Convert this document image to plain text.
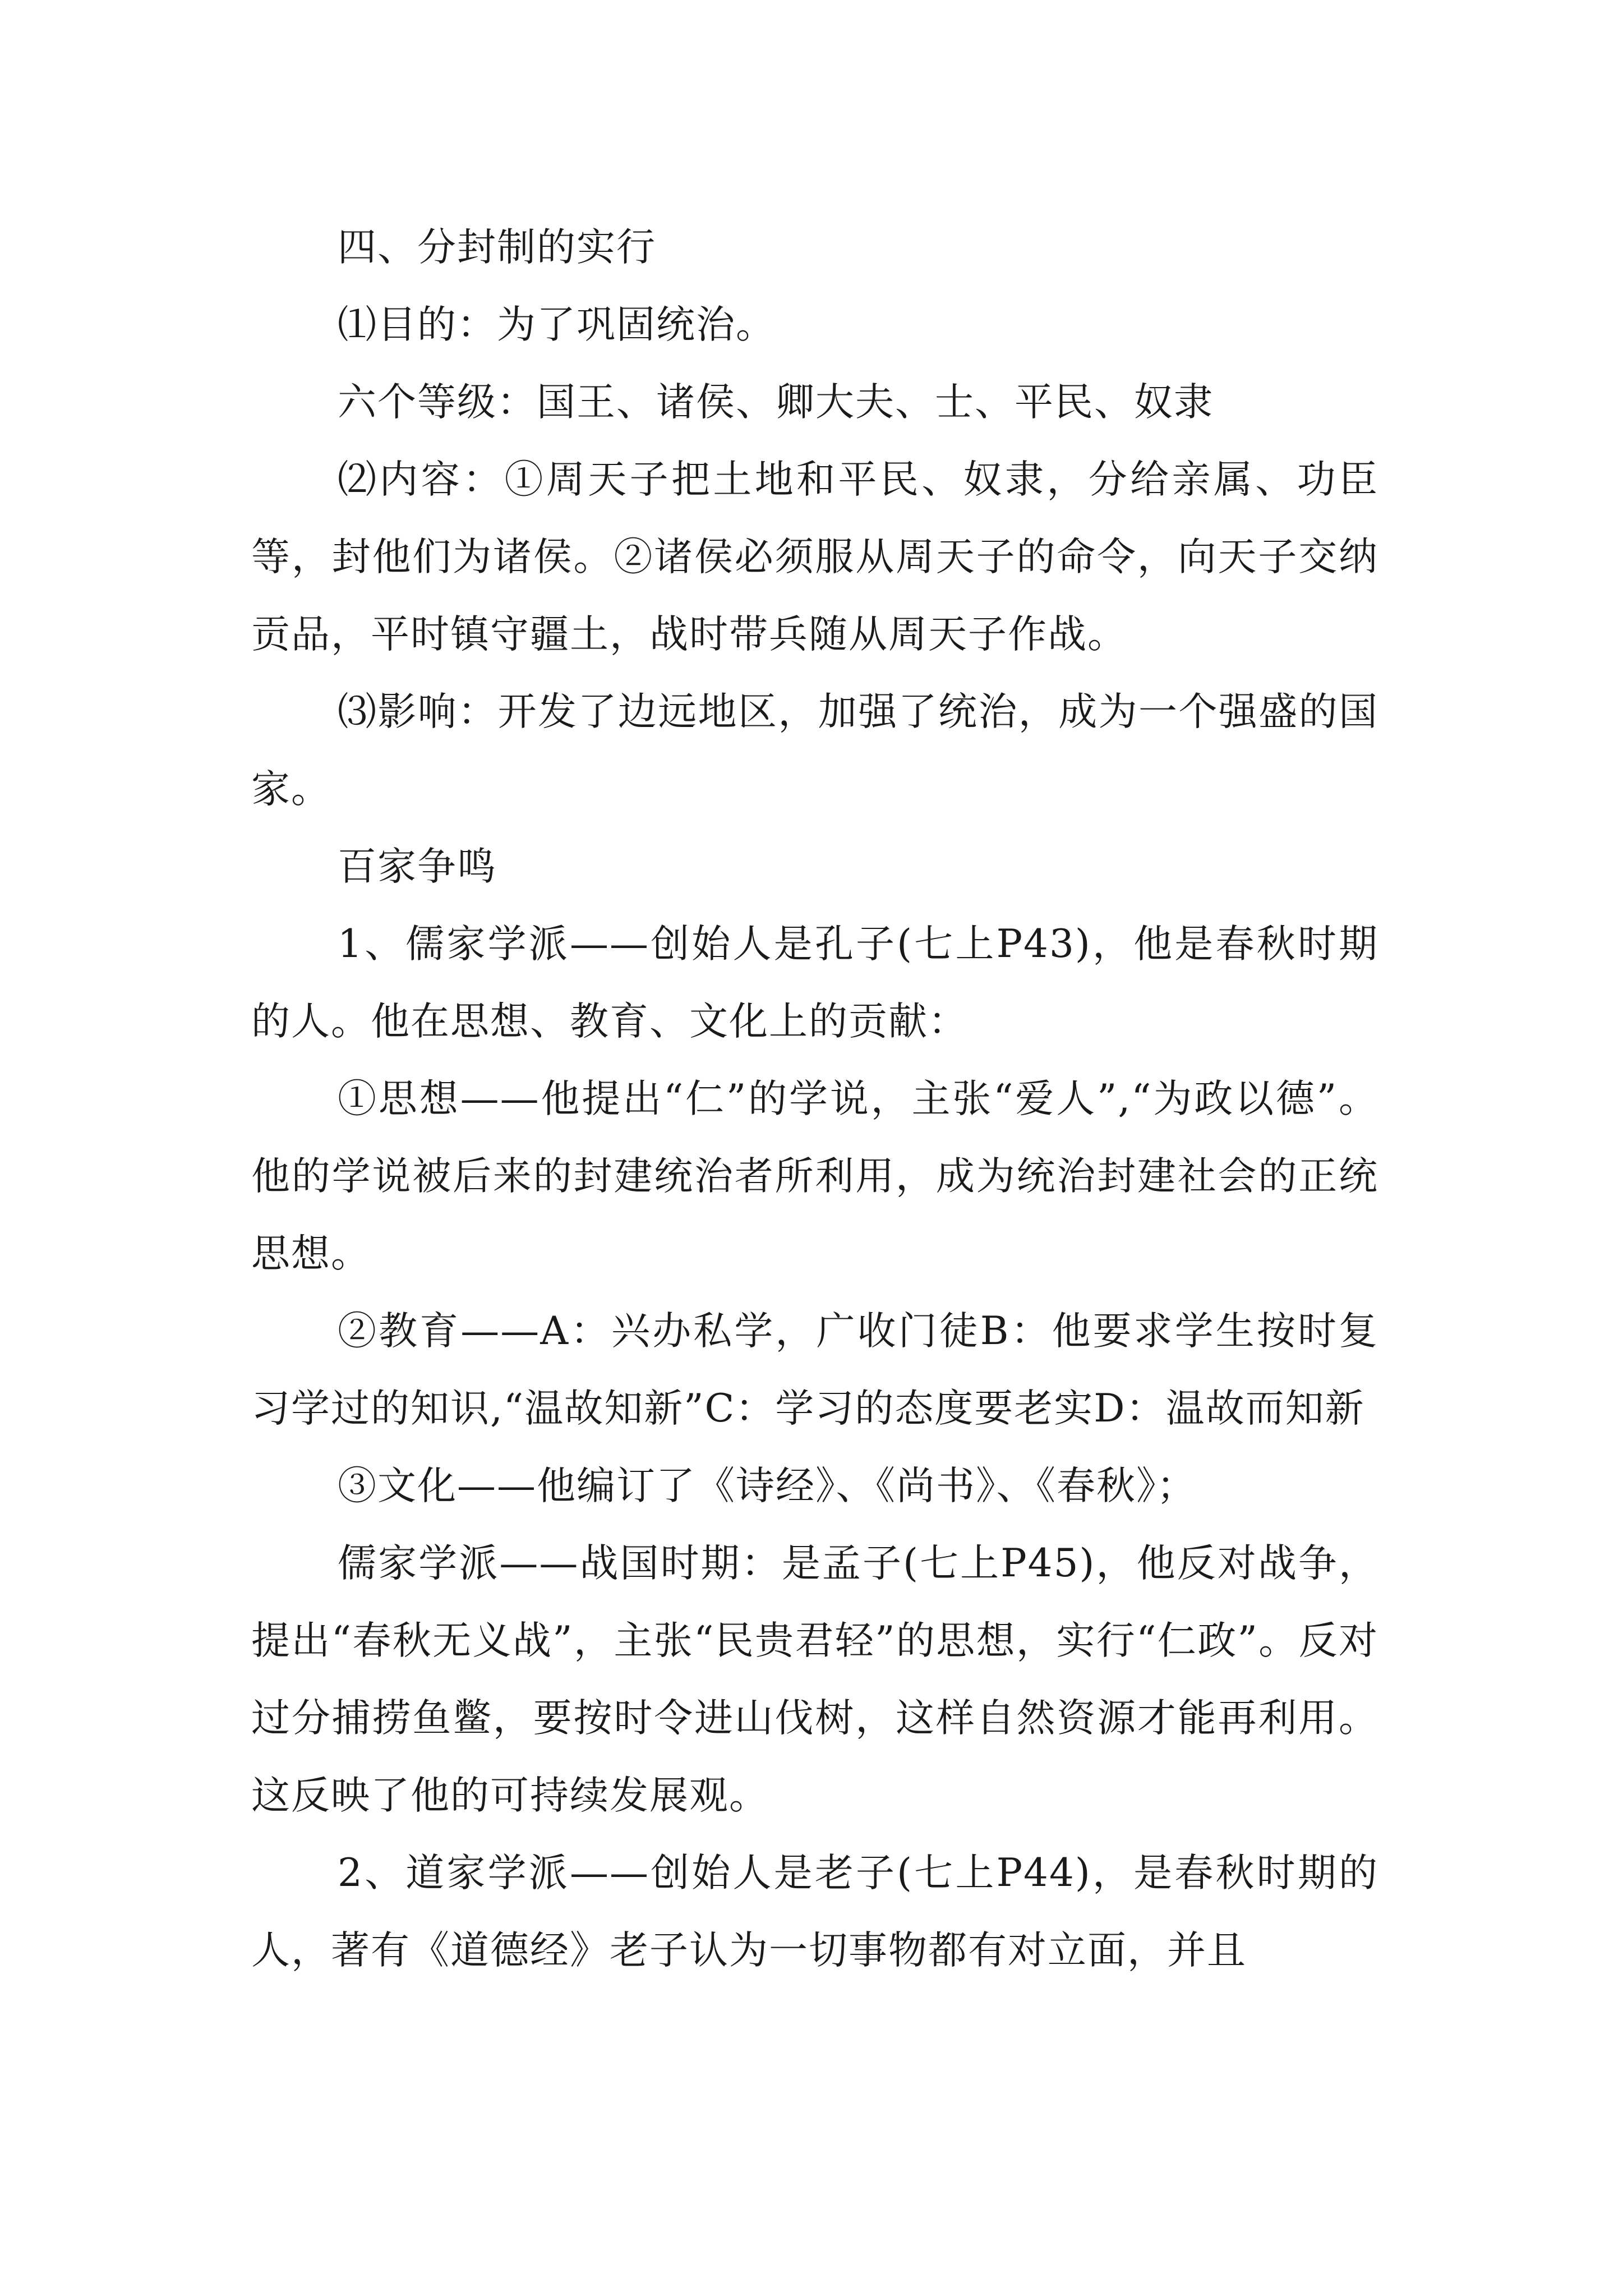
四、分封制的实行

⑴目的：为了巩固统治。

六个等级：国王、诸侯、卿大夫、士、平民、奴隶

⑵内容：①周天子把土地和平民、奴隶，分给亲属、功臣等，封他们为诸侯。②诸侯必须服从周天子的命令，向天子交纳贡品，平时镇守疆土，战时带兵随从周天子作战。

⑶影响：开发了边远地区，加强了统治，成为一个强盛的国家。

百家争鸣

1、儒家学派——创始人是孔子(七上P43)，他是春秋时期的人。他在思想、教育、文化上的贡献：

①思想——他提出“仁”的学说，主张“爱人”,“为政以德”。他的学说被后来的封建统治者所利用，成为统治封建社会的正统思想。

②教育——A：兴办私学，广收门徒B：他要求学生按时复习学过的知识,“温故知新”C：学习的态度要老实D：温故而知新

③文化——他编订了《诗经》、《尚书》、《春秋》；

儒家学派——战国时期：是孟子(七上P45)，他反对战争，提出“春秋无义战”，主张“民贵君轻”的思想，实行“仁政”。反对过分捕捞鱼鳖，要按时令进山伐树，这样自然资源才能再利用。这反映了他的可持续发展观。

2、道家学派——创始人是老子(七上P44)，是春秋时期的人，著有《道德经》老子认为一切事物都有对立面，并且
